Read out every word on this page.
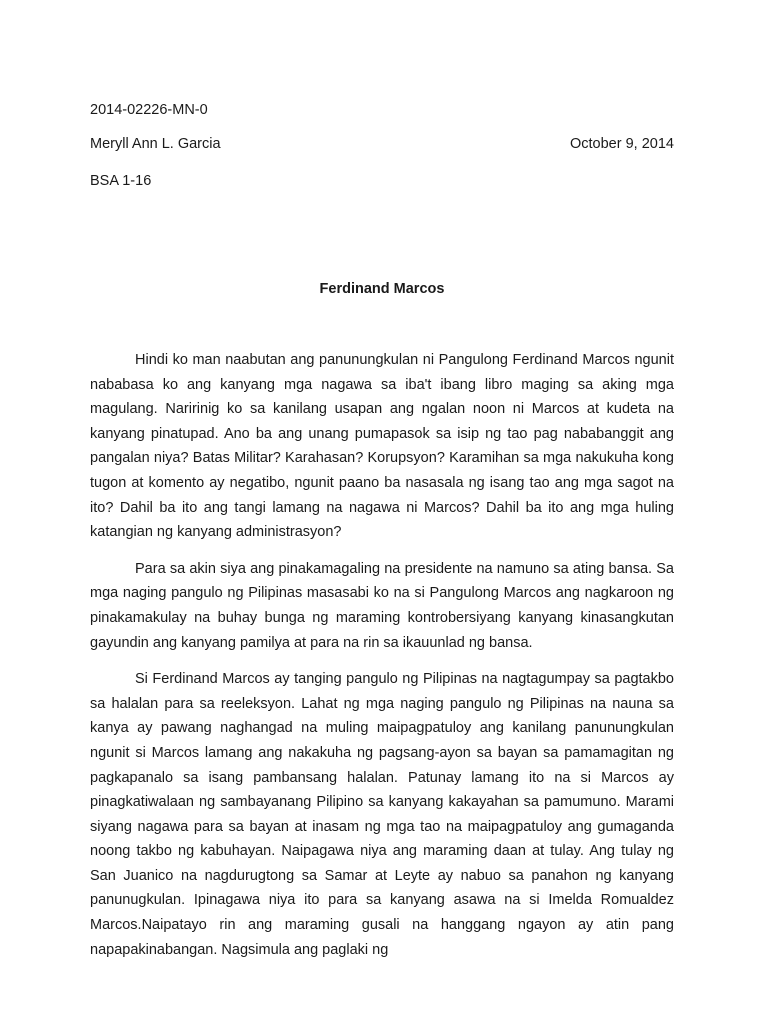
2014-02226-MN-0
Meryll Ann L. Garcia	October 9, 2014
BSA 1-16
Ferdinand Marcos

Hindi ko man naabutan ang panunungkulan ni Pangulong Ferdinand Marcos ngunit nababasa ko ang kanyang mga nagawa sa iba't ibang libro maging sa aking mga magulang. Naririnig ko sa kanilang usapan ang ngalan noon ni Marcos at kudeta na kanyang pinatupad. Ano ba ang unang pumapasok sa isip ng tao pag nababanggit ang pangalan niya? Batas Militar? Karahasan? Korupsyon? Karamihan sa mga nakukuha kong tugon at komento ay negatibo, ngunit paano ba nasasala ng isang tao ang mga sagot na ito? Dahil ba ito ang tangi lamang na nagawa ni Marcos? Dahil ba ito ang mga huling katangian ng kanyang administrasyon?

Para sa akin siya ang pinakamagaling na presidente na namuno sa ating bansa. Sa mga naging pangulo ng Pilipinas masasabi ko na si Pangulong Marcos ang nagkaroon ng pinakamakulay na buhay bunga ng maraming kontrobersiyang kanyang kinasangkutan gayundin ang kanyang pamilya at para na rin sa ikauunlad ng bansa.

Si Ferdinand Marcos ay tanging pangulo ng Pilipinas na nagtagumpay sa pagtakbo sa halalan para sa reeleksyon. Lahat ng mga naging pangulo ng Pilipinas na nauna sa kanya ay pawang naghangad na muling maipagpatuloy ang kanilang panunungkulan ngunit si Marcos lamang ang nakakuha ng pagsang-ayon sa bayan sa pamamagitan ng pagkapanalo sa isang pambansang halalan. Patunay lamang ito na si Marcos ay pinagkatiwalaan ng sambayanang Pilipino sa kanyang kakayahan sa pamumuno. Marami siyang nagawa para sa bayan at inasam ng mga tao na maipagpatuloy ang gumaganda noong takbo ng kabuhayan. Naipagawa niya ang maraming daan at tulay. Ang tulay ng San Juanico na nagdurugtong sa Samar at Leyte ay nabuo sa panahon ng kanyang panunugkulan. Ipinagawa niya ito para sa kanyang asawa na si Imelda Romualdez Marcos.Naipatayo rin ang maraming gusali na hanggang ngayon ay atin pang napapakinabangan. Nagsimula ang paglaki ng
